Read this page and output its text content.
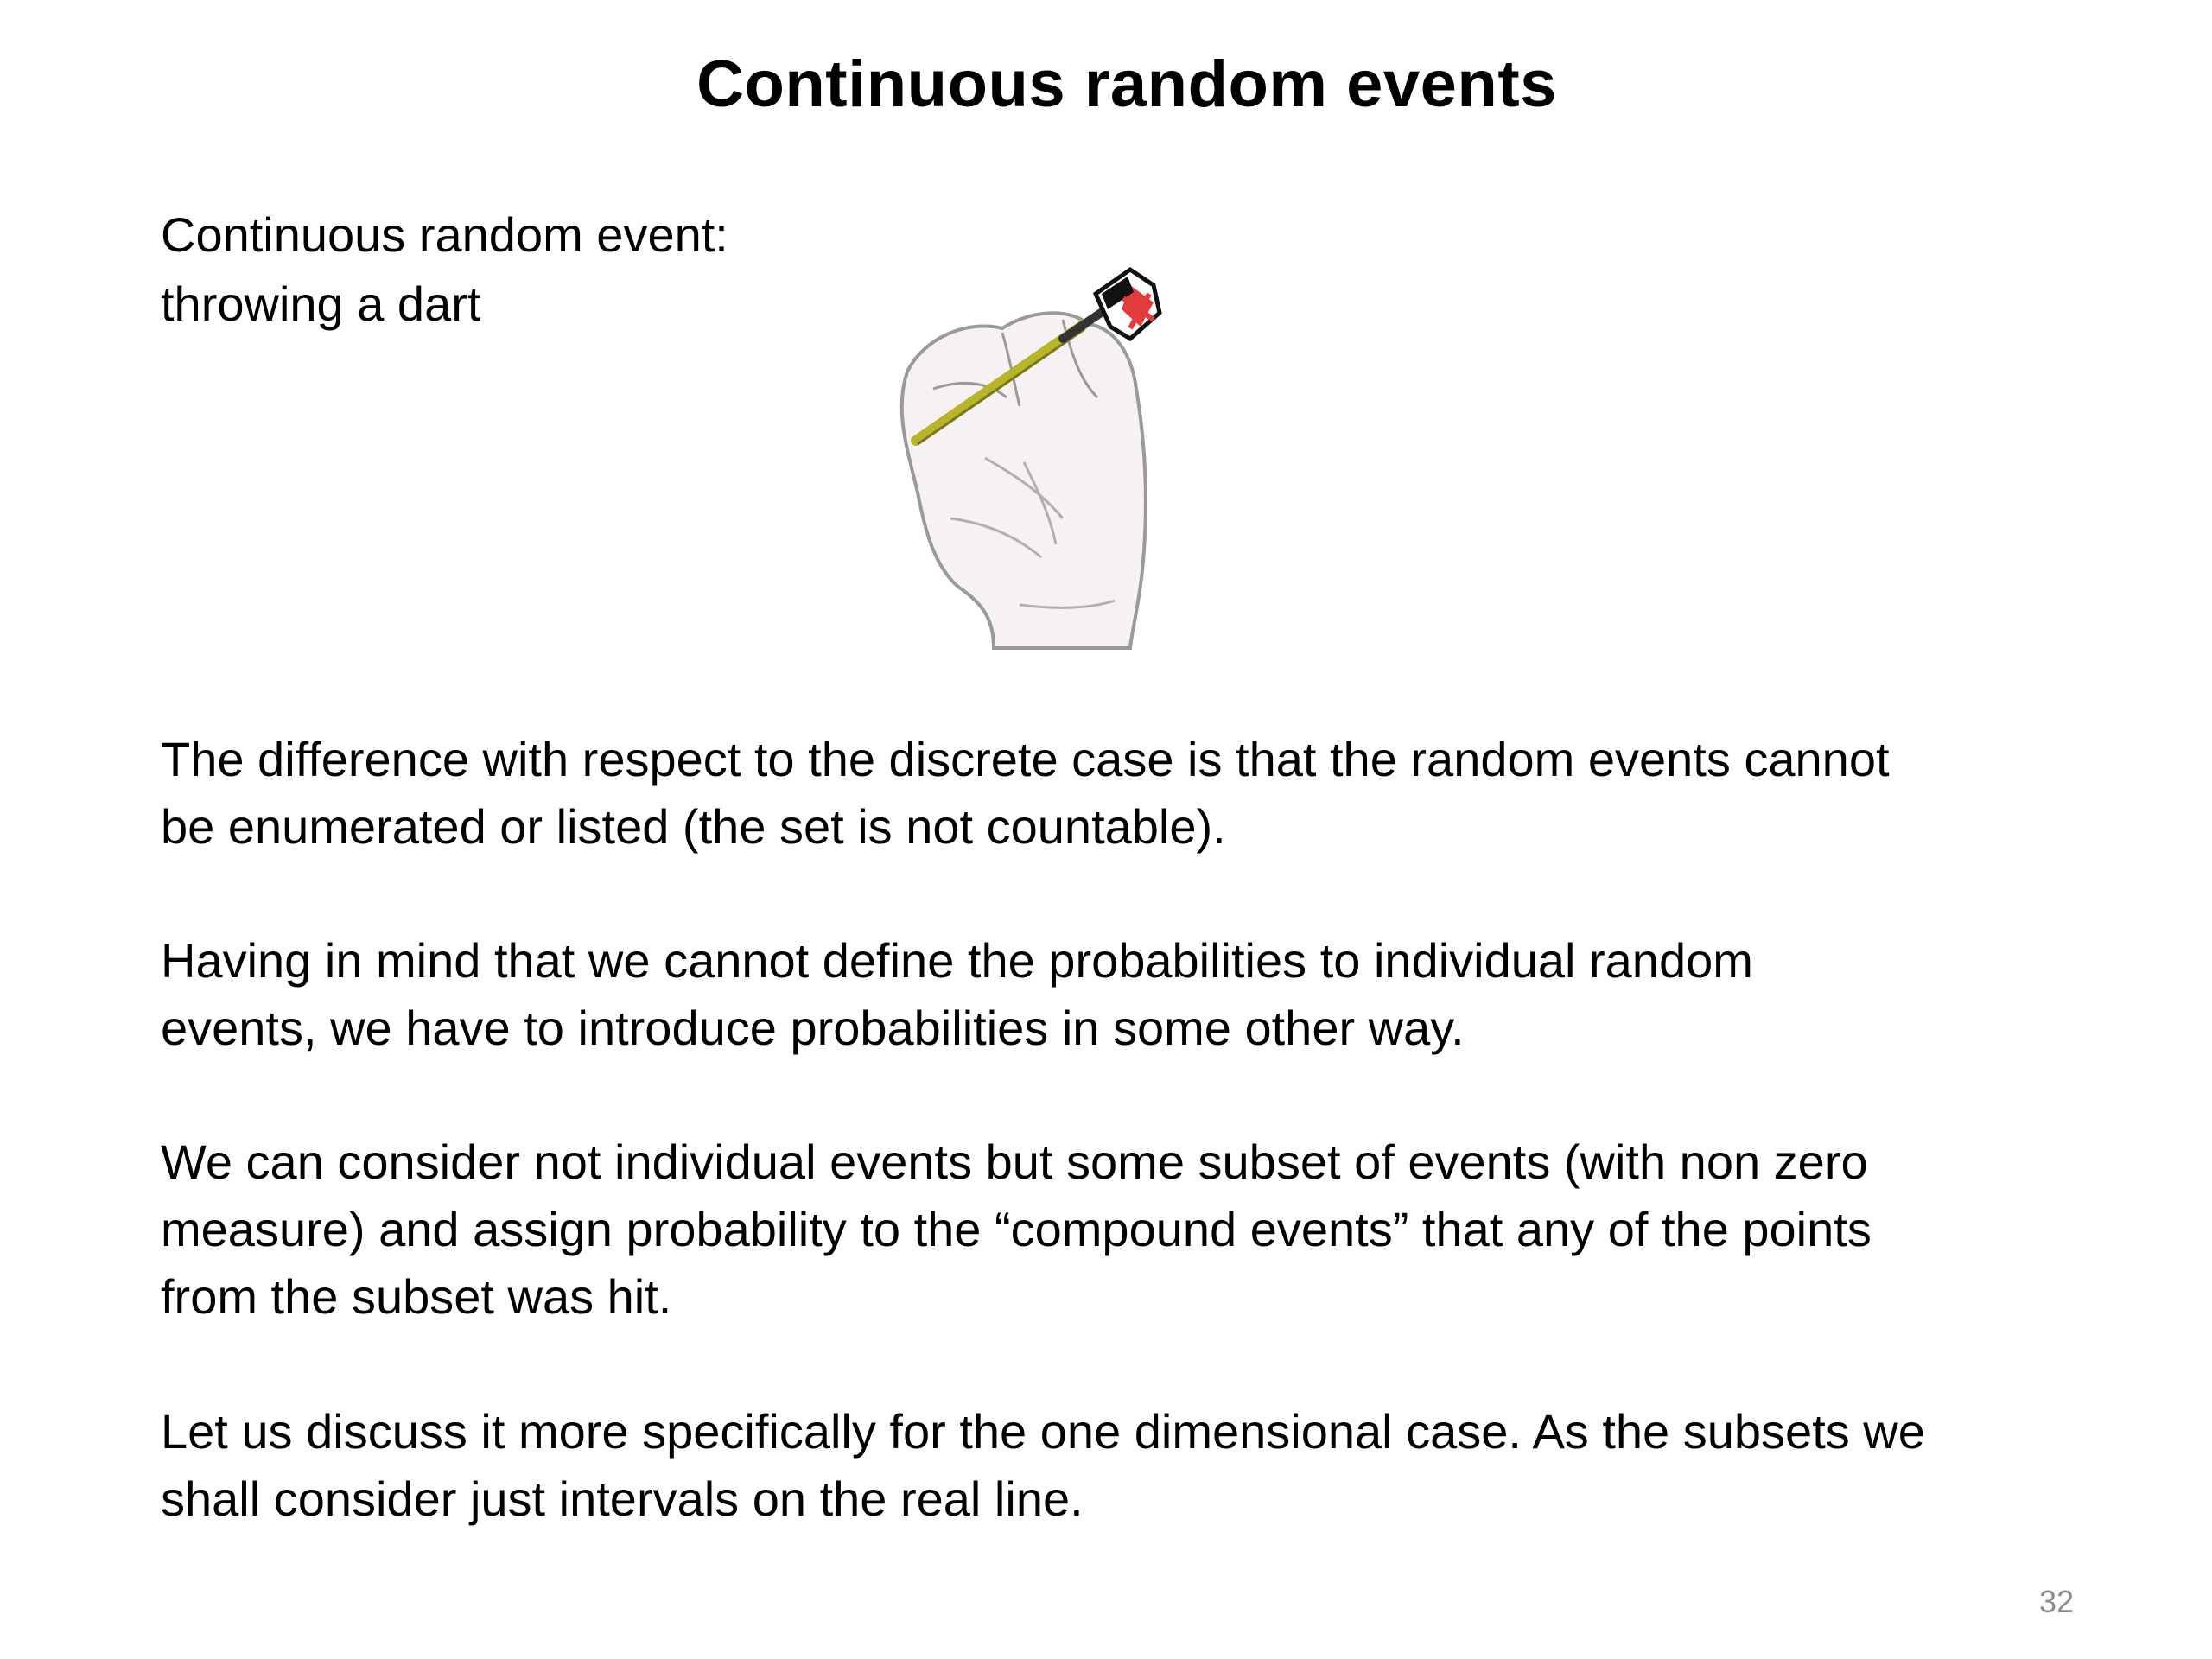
Continuous random events
Continuous random event:
throwing a dart
The difference with respect to the discrete case is that the random events cannot
be enumerated or listed (the set is not countable).
Having in mind that we cannot define the probabilities to individual random
events, we have to introduce probabilities in some other way.
We can consider not individual events but some subset of events (with non zero
measure) and assign probability to the “compound events” that any of the points
from the subset was hit.
Let us discuss it more specifically for the one dimensional case. As the subsets we
shall consider just intervals on the real line.
32
